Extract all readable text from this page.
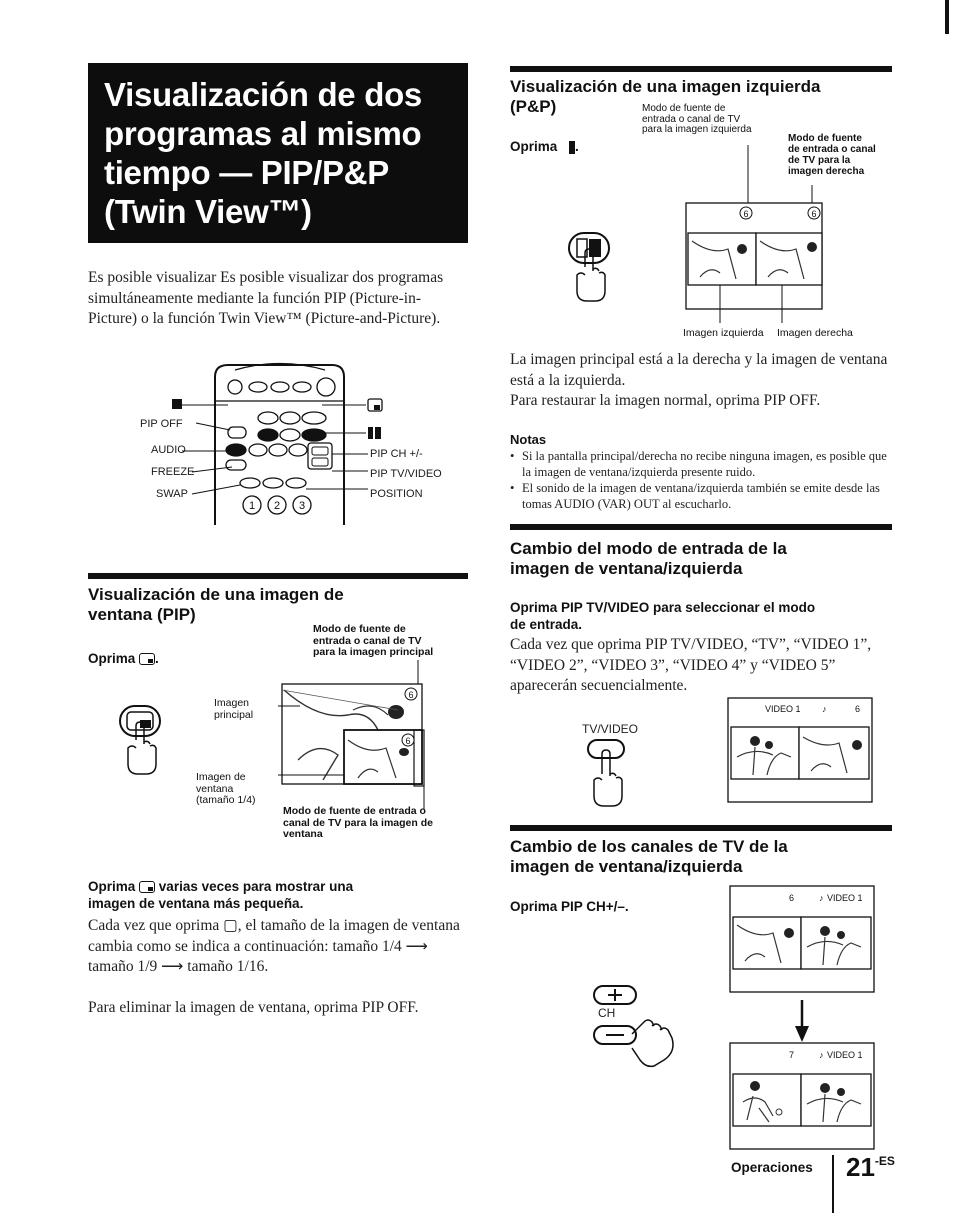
Visualización de dos
programas al mismo
tiempo — PIP/P&P
(Twin View™)
Es posible visualizar Es posible visualizar dos programas simultáneamente mediante la función PIP (Picture-in-Picture) o la función Twin View™ (Picture-and-Picture).
1 2 3
PIP OFF
AUDIO
FREEZE
SWAP
PIP CH +/-
PIP TV/VIDEO
POSITION
Visualización de una imagen de
ventana (PIP)
Modo de fuente de
entrada o canal de TV
para la imagen principal
Oprima .
6
6
Imagen
principal
Imagen de
ventana
(tamaño 1/4)
Modo de fuente de entrada o
canal de TV para la imagen de
ventana
Oprima varias veces para mostrar una
imagen de ventana más pequeña.
Cada vez que oprima ▢, el tamaño de la imagen de ventana cambia como se indica a continuación: tamaño 1/4 ⟶ tamaño 1/9 ⟶ tamaño 1/16.
Para eliminar la imagen de ventana, oprima PIP OFF.
Visualización de una imagen izquierda
(P&P)	Modo de fuente de
entrada o canal de TV
para la imagen izquierda
Modo de fuente
de entrada o canal
de TV para la
imagen derecha
Oprima .
6	6
Imagen izquierda Imagen derecha
La imagen principal está a la derecha y la imagen de ventana está a la izquierda.
Para restaurar la imagen normal, oprima PIP OFF.
Notas
• Si la pantalla principal/derecha no recibe ninguna imagen, es posible que la imagen de ventana/izquierda presente ruido.
• El sonido de la imagen de ventana/izquierda también se emite desde las tomas AUDIO (VAR) OUT al escucharlo.
Cambio del modo de entrada de la
imagen de ventana/izquierda
Oprima PIP TV/VIDEO para seleccionar el modo
de entrada.
Cada vez que oprima PIP TV/VIDEO, “TV”, “VIDEO 1”, “VIDEO 2”, “VIDEO 3”, “VIDEO 4” y “VIDEO 5” aparecerán secuencialmente.
TV/VIDEO
VIDEO 1 ♪	6
Cambio de los canales de TV de la
imagen de ventana/izquierda
Oprima PIP CH+/–.
6	♪ VIDEO 1
7	♪ VIDEO 1
CH
Operaciones $21^{-ES}$
